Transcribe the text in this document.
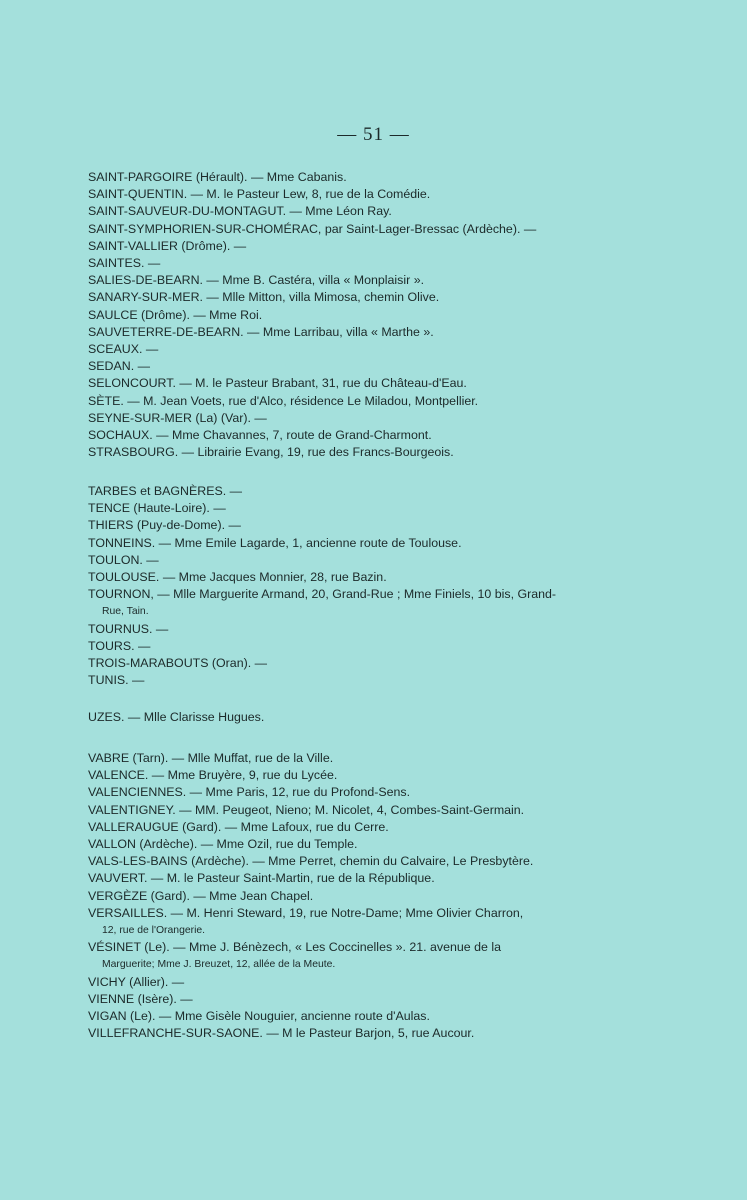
— 51 —
SAINT-PARGOIRE (Hérault). — Mme Cabanis.
SAINT-QUENTIN. — M. le Pasteur Lew, 8, rue de la Comédie.
SAINT-SAUVEUR-DU-MONTAGUT. — Mme Léon Ray.
SAINT-SYMPHORIEN-SUR-CHOMÉRAC, par Saint-Lager-Bressac (Ardèche). —
SAINT-VALLIER (Drôme). —
SAINTES. —
SALIES-DE-BEARN. — Mme B. Castéra, villa « Monplaisir ».
SANARY-SUR-MER. — Mlle Mitton, villa Mimosa, chemin Olive.
SAULCE (Drôme). — Mme Roi.
SAUVETERRE-DE-BEARN. — Mme Larribau, villa « Marthe ».
SCEAUX. —
SEDAN. —
SELONCOURT. — M. le Pasteur Brabant, 31, rue du Château-d'Eau.
SÈTE. — M. Jean Voets, rue d'Alco, résidence Le Miladou, Montpellier.
SEYNE-SUR-MER (La) (Var). —
SOCHAUX. — Mme Chavannes, 7, route de Grand-Charmont.
STRASBOURG. — Librairie Evang, 19, rue des Francs-Bourgeois.
TARBES et BAGNÈRES. —
TENCE (Haute-Loire). —
THIERS (Puy-de-Dome). —
TONNEINS. — Mme Emile Lagarde, 1, ancienne route de Toulouse.
TOULON. —
TOULOUSE. — Mme Jacques Monnier, 28, rue Bazin.
TOURNON, — Mlle Marguerite Armand, 20, Grand-Rue ; Mme Finiels, 10 bis, Grand-
Rue, Tain.
TOURNUS. —
TOURS. —
TROIS-MARABOUTS (Oran). —
TUNIS. —
UZES. — Mlle Clarisse Hugues.
VABRE (Tarn). — Mlle Muffat, rue de la Ville.
VALENCE. — Mme Bruyère, 9, rue du Lycée.
VALENCIENNES. — Mme Paris, 12, rue du Profond-Sens.
VALENTIGNEY. — MM. Peugeot, Nieno; M. Nicolet, 4, Combes-Saint-Germain.
VALLERAUGUE (Gard). — Mme Lafoux, rue du Cerre.
VALLON (Ardèche). — Mme Ozil, rue du Temple.
VALS-LES-BAINS (Ardèche). — Mme Perret, chemin du Calvaire, Le Presbytère.
VAUVERT. — M. le Pasteur Saint-Martin, rue de la République.
VERGÈZE (Gard). — Mme Jean Chapel.
VERSAILLES. — M. Henri Steward, 19, rue Notre-Dame; Mme Olivier Charron,
12, rue de l'Orangerie.
VÉSINET (Le). — Mme J. Bénèzech, « Les Coccinelles ». 21. avenue de la
Marguerite; Mme J. Breuzet, 12, allée de la Meute.
VICHY (Allier). —
VIENNE (Isère). —
VIGAN (Le). — Mme Gisèle Nouguier, ancienne route d'Aulas.
VILLEFRANCHE-SUR-SAONE. — M le Pasteur Barjon, 5, rue Aucour.
